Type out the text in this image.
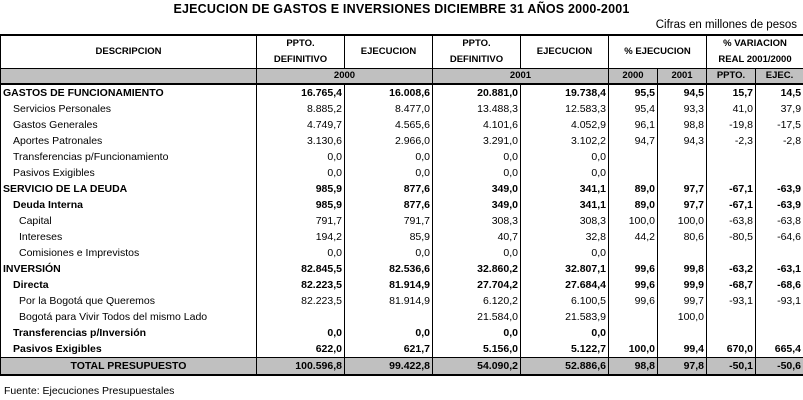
EJECUCION DE GASTOS E INVERSIONES DICIEMBRE 31 AÑOS 2000-2001
Cifras en millones de pesos
DESCRIPCION	PPTO.	EJECUCION	PPTO.	EJECUCION	% EJECUCION		% VARIACION	
	DEFINITIVO		DEFINITIVO				REAL 2001/2000	
	2000		2001		2000	2001	PPTO.	EJEC.
GASTOS DE FUNCIONAMIENTO	16.765,4	16.008,6	20.881,0	19.738,4	95,5	94,5	15,7	14,5
Servicios Personales	8.885,2	8.477,0	13.488,3	12.583,3	95,4	93,3	41,0	37,9
Gastos Generales	4.749,7	4.565,6	4.101,6	4.052,9	96,1	98,8	-19,8	-17,5
Aportes Patronales	3.130,6	2.966,0	3.291,0	3.102,2	94,7	94,3	-2,3	-2,8
Transferencias p/Funcionamiento	0,0	0,0	0,0	0,0				
Pasivos Exigibles	0,0	0,0	0,0	0,0				
SERVICIO DE LA DEUDA	985,9	877,6	349,0	341,1	89,0	97,7	-67,1	-63,9
Deuda Interna	985,9	877,6	349,0	341,1	89,0	97,7	-67,1	-63,9
Capital	791,7	791,7	308,3	308,3	100,0	100,0	-63,8	-63,8
Intereses	194,2	85,9	40,7	32,8	44,2	80,6	-80,5	-64,6
Comisiones e Imprevistos	0,0	0,0	0,0	0,0				
INVERSIÓN	82.845,5	82.536,6	32.860,2	32.807,1	99,6	99,8	-63,2	-63,1
Directa	82.223,5	81.914,9	27.704,2	27.684,4	99,6	99,9	-68,7	-68,6
Por la Bogotá que Queremos	82.223,5	81.914,9	6.120,2	6.100,5	99,6	99,7	-93,1	-93,1
Bogotá para Vivir Todos del mismo Lado			21.584,0	21.583,9		100,0		
Transferencias p/Inversión	0,0	0,0	0,0	0,0				
Pasivos Exigibles	622,0	621,7	5.156,0	5.122,7	100,0	99,4	670,0	665,4
TOTAL PRESUPUESTO	100.596,8	99.422,8	54.090,2	52.886,6	98,8	97,8	-50,1	-50,6
Fuente: Ejecuciones Presupuestales
